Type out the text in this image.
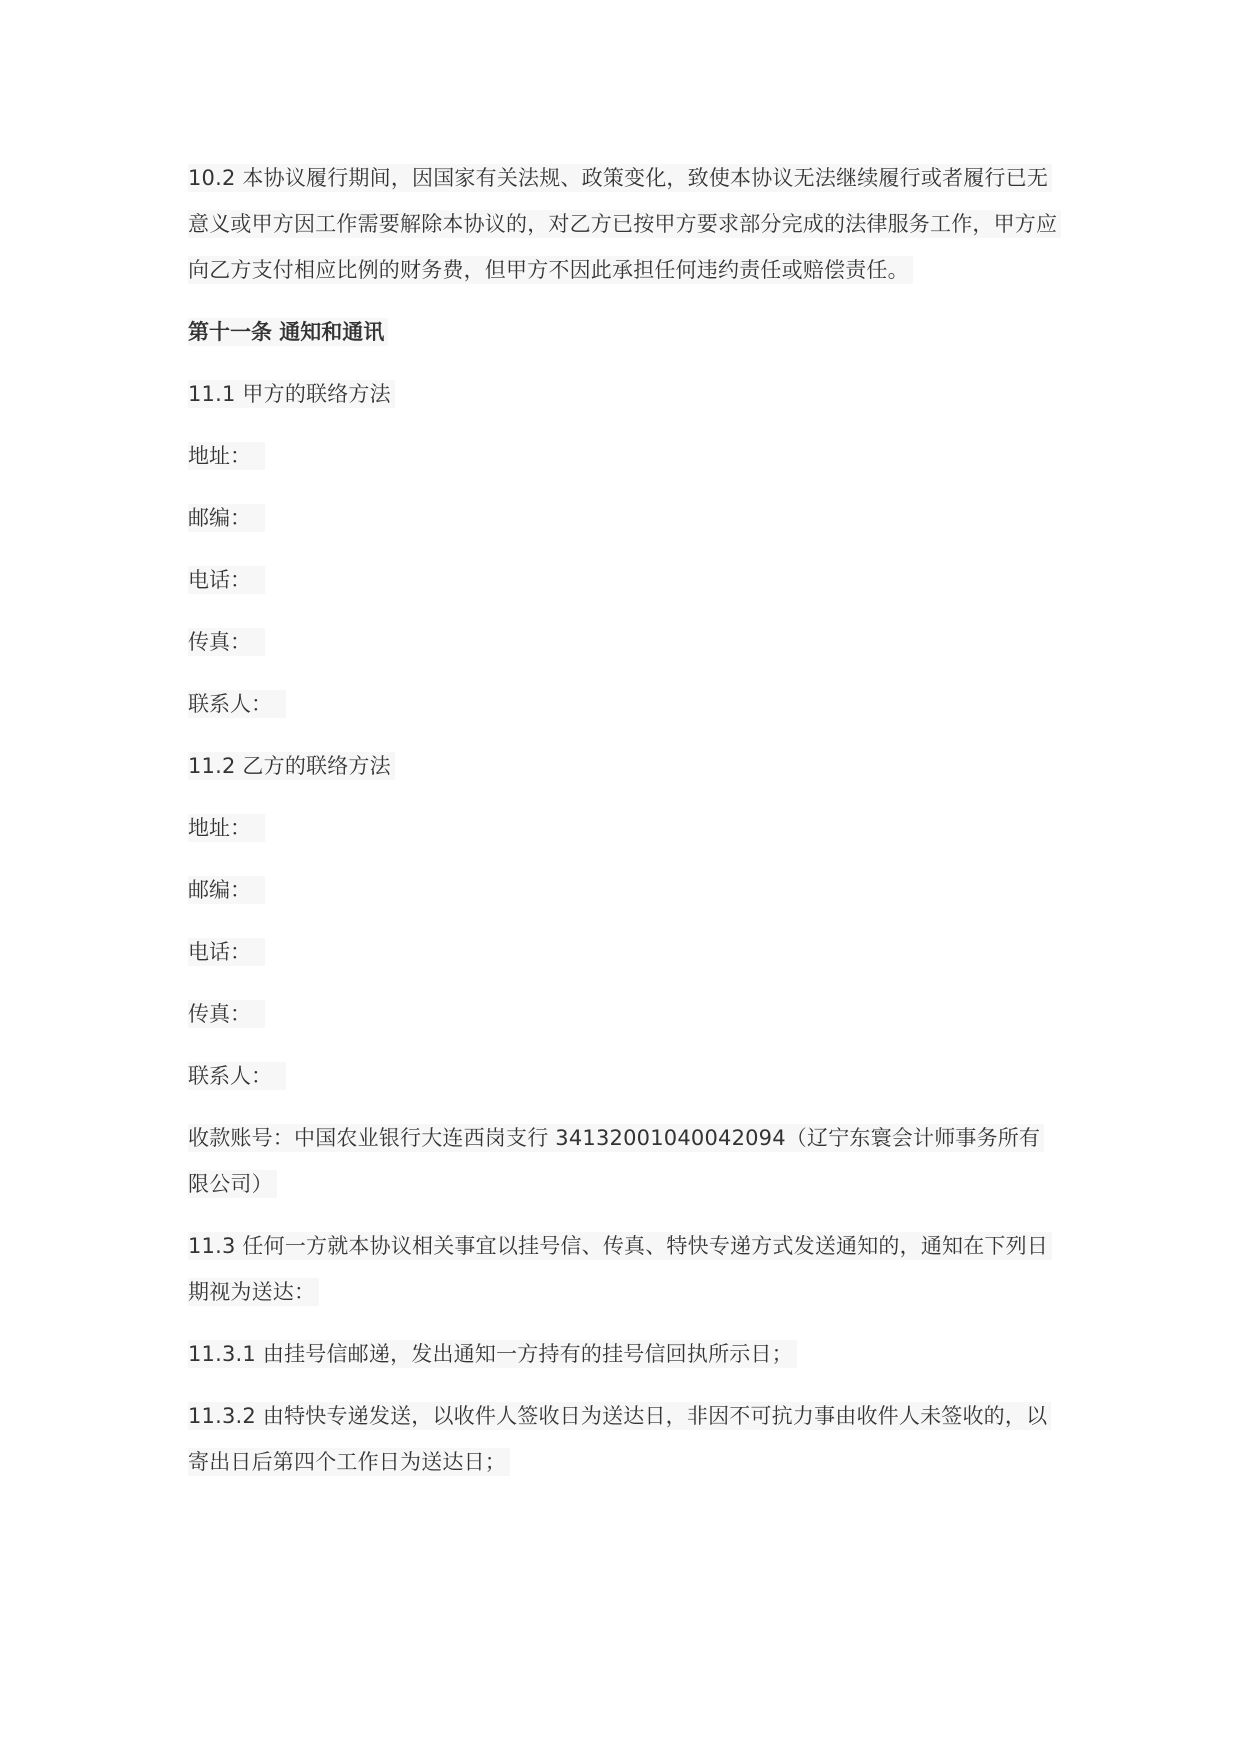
10.2 本协议履行期间，因国家有关法规、政策变化，致使本协议无法继续履行或者履行已无意义或甲方因工作需要解除本协议的，对乙方已按甲方要求部分完成的法律服务工作，甲方应向乙方支付相应比例的财务费，但甲方不因此承担任何违约责任或赔偿责任。

第十一条 通知和通讯

11.1 甲方的联络方法

地址：

邮编：

电话：

传真：

联系人：

11.2 乙方的联络方法

地址：

邮编：

电话：

传真：

联系人：

收款账号：中国农业银行大连西岗支行 34132001040042094（辽宁东寰会计师事务所有限公司）

11.3 任何一方就本协议相关事宜以挂号信、传真、特快专递方式发送通知的，通知在下列日期视为送达：

11.3.1 由挂号信邮递，发出通知一方持有的挂号信回执所示日；

11.3.2 由特快专递发送，以收件人签收日为送达日，非因不可抗力事由收件人未签收的，以寄出日后第四个工作日为送达日；
